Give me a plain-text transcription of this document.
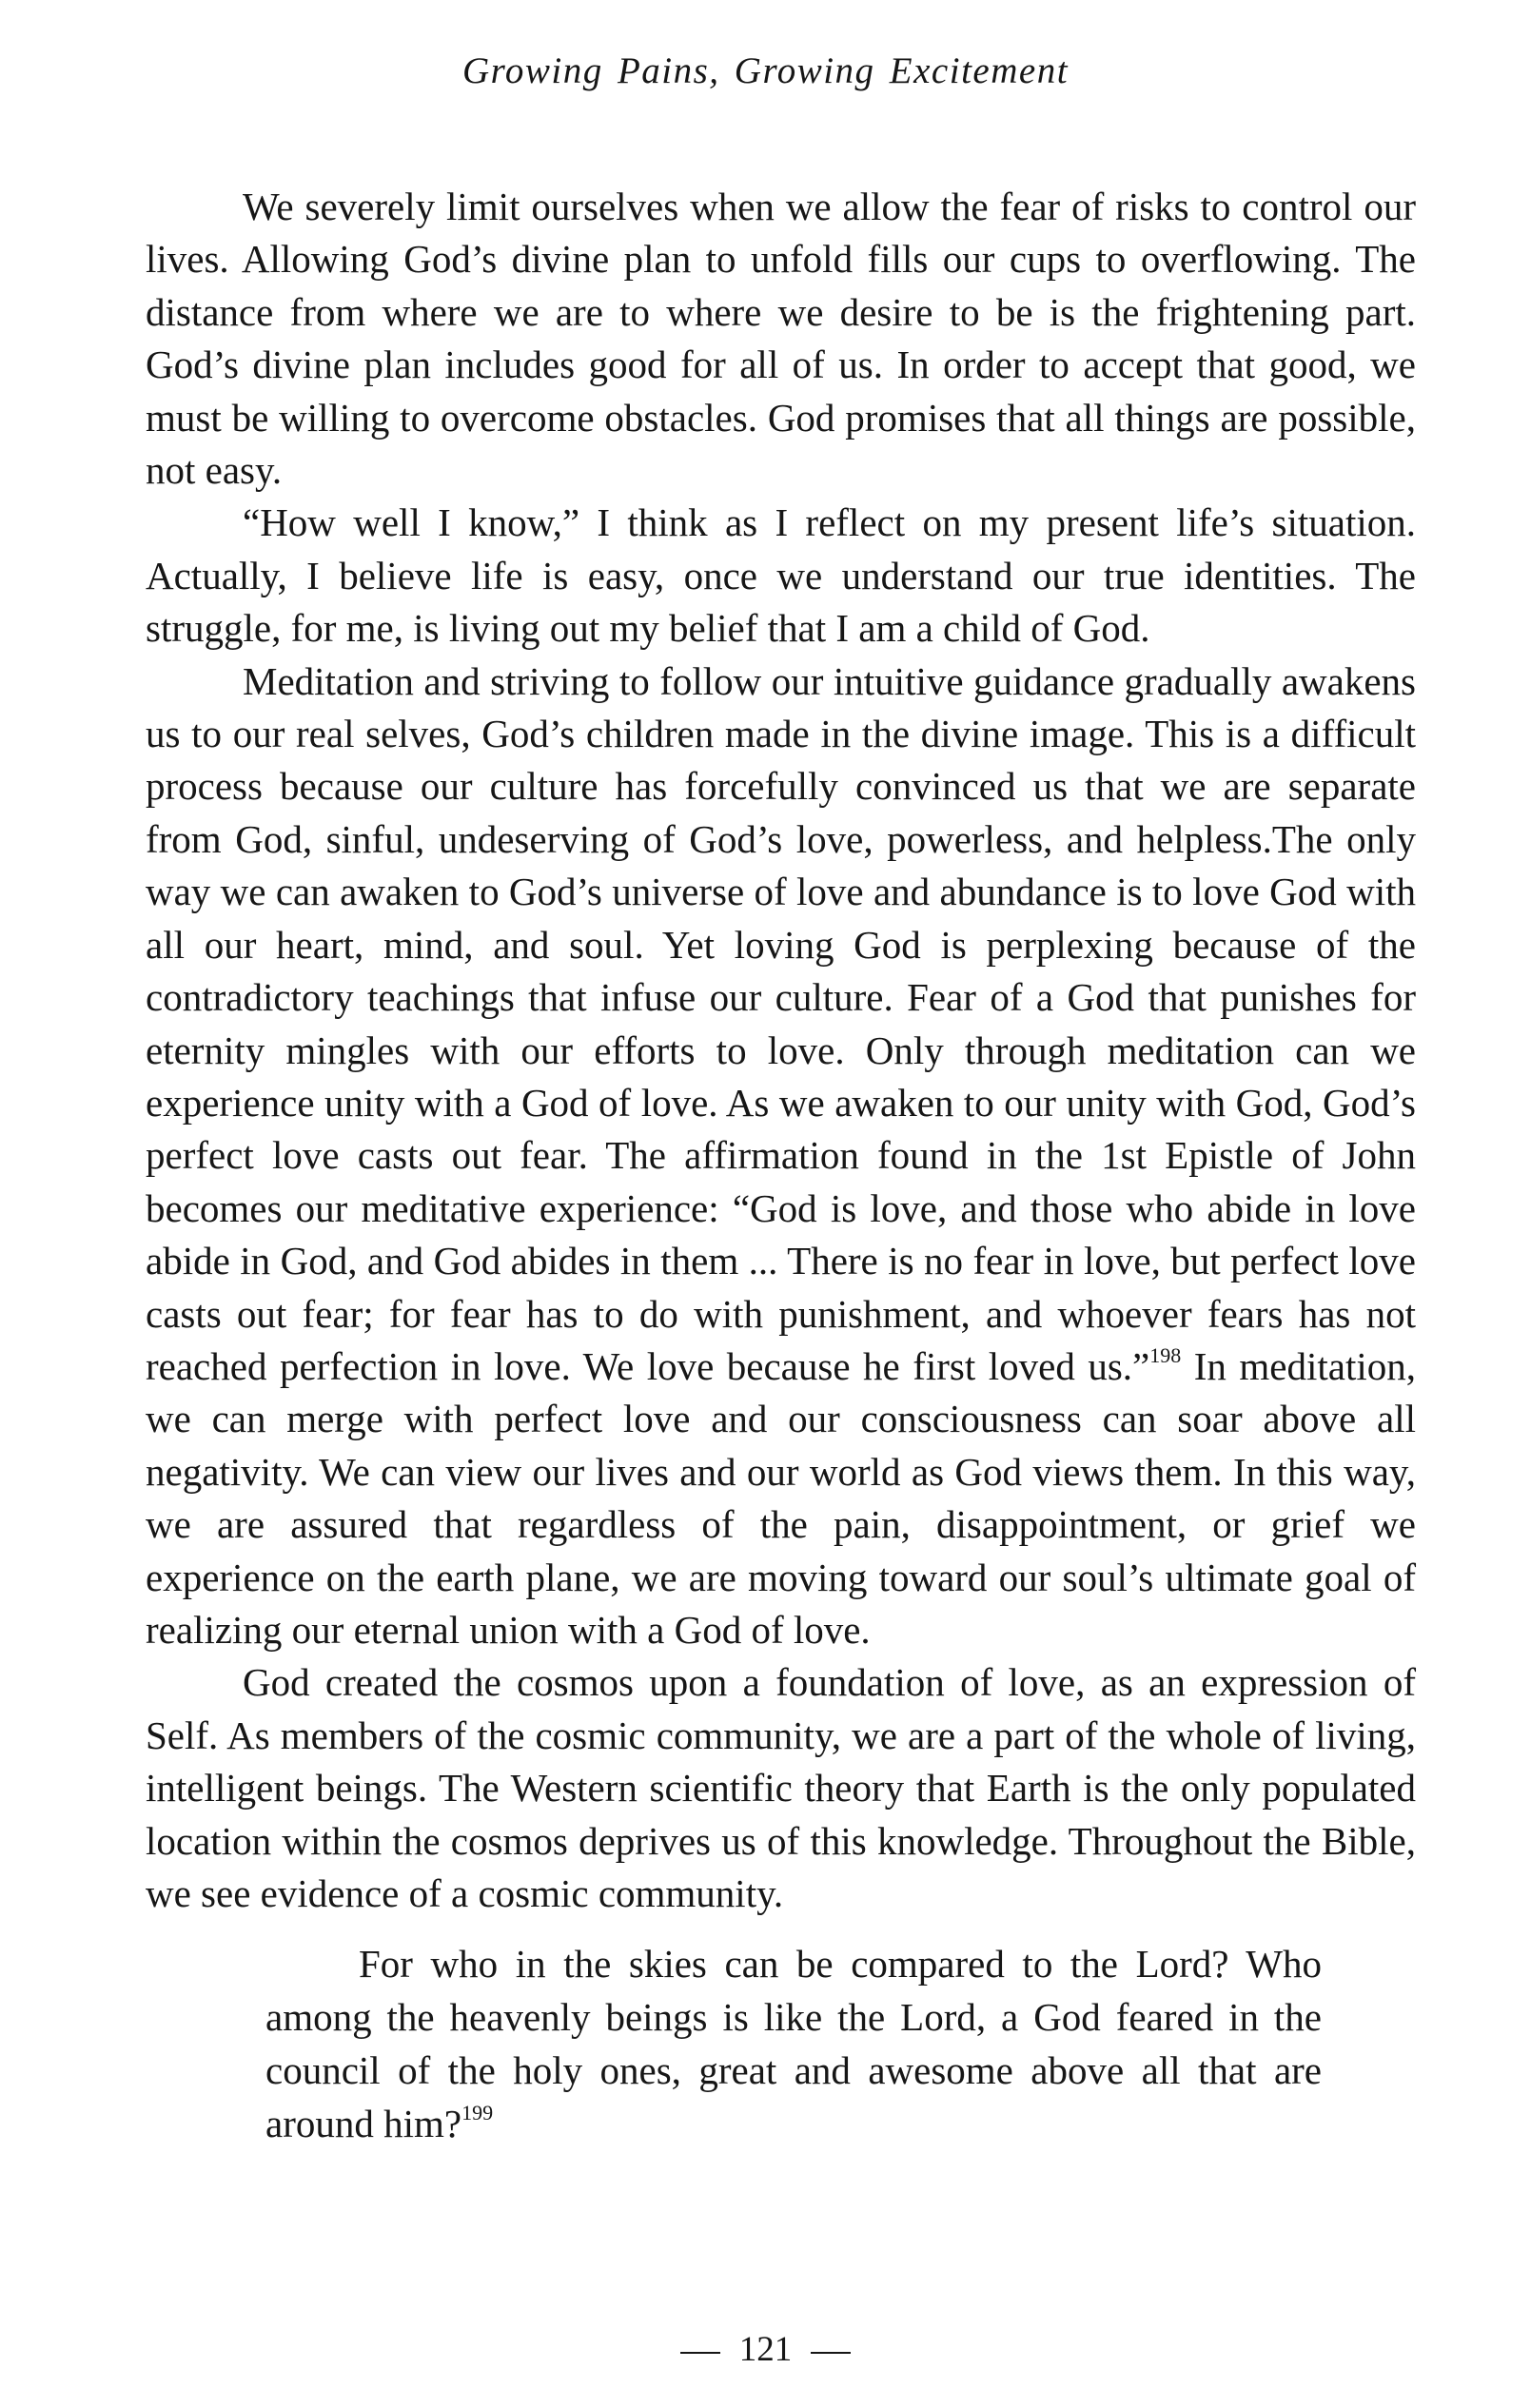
Growing Pains, Growing Excitement

We severely limit ourselves when we allow the fear of risks to control our lives. Allowing God’s divine plan to unfold fills our cups to overflowing. The distance from where we are to where we desire to be is the frightening part. God’s divine plan includes good for all of us. In order to accept that good, we must be willing to overcome obstacles. God promises that all things are possible, not easy.

“How well I know,” I think as I reflect on my present life’s situation. Actually, I believe life is easy, once we understand our true identities. The struggle, for me, is living out my belief that I am a child of God.

Meditation and striving to follow our intuitive guidance gradually awakens us to our real selves, God’s children made in the divine image. This is a difficult process because our culture has forcefully convinced us that we are separate from God, sinful, undeserving of God’s love, powerless, and helpless.The only way we can awaken to God’s universe of love and abundance is to love God with all our heart, mind, and soul. Yet loving God is perplexing because of the contradictory teachings that infuse our culture. Fear of a God that punishes for eternity mingles with our efforts to love. Only through meditation can we experience unity with a God of love. As we awaken to our unity with God, God’s perfect love casts out fear. The affirmation found in the 1st Epistle of John becomes our meditative experience: “God is love, and those who abide in love abide in God, and God abides in them ... There is no fear in love, but perfect love casts out fear; for fear has to do with punishment, and whoever fears has not reached perfection in love. We love because he first loved us.”$^{198}$ In meditation, we can merge with perfect love and our consciousness can soar above all negativity. We can view our lives and our world as God views them. In this way, we are assured that regardless of the pain, disappointment, or grief we experience on the earth plane, we are moving toward our soul’s ultimate goal of realizing our eternal union with a God of love.

God created the cosmos upon a foundation of love, as an expression of Self. As members of the cosmic community, we are a part of the whole of living, intelligent beings. The Western scientific theory that Earth is the only populated location within the cosmos deprives us of this knowledge. Throughout the Bible, we see evidence of a cosmic community.

For who in the skies can be compared to the Lord? Who among the heavenly beings is like the Lord, a God feared in the council of the holy ones, great and awesome above all that are around him?$^{199}$
121
